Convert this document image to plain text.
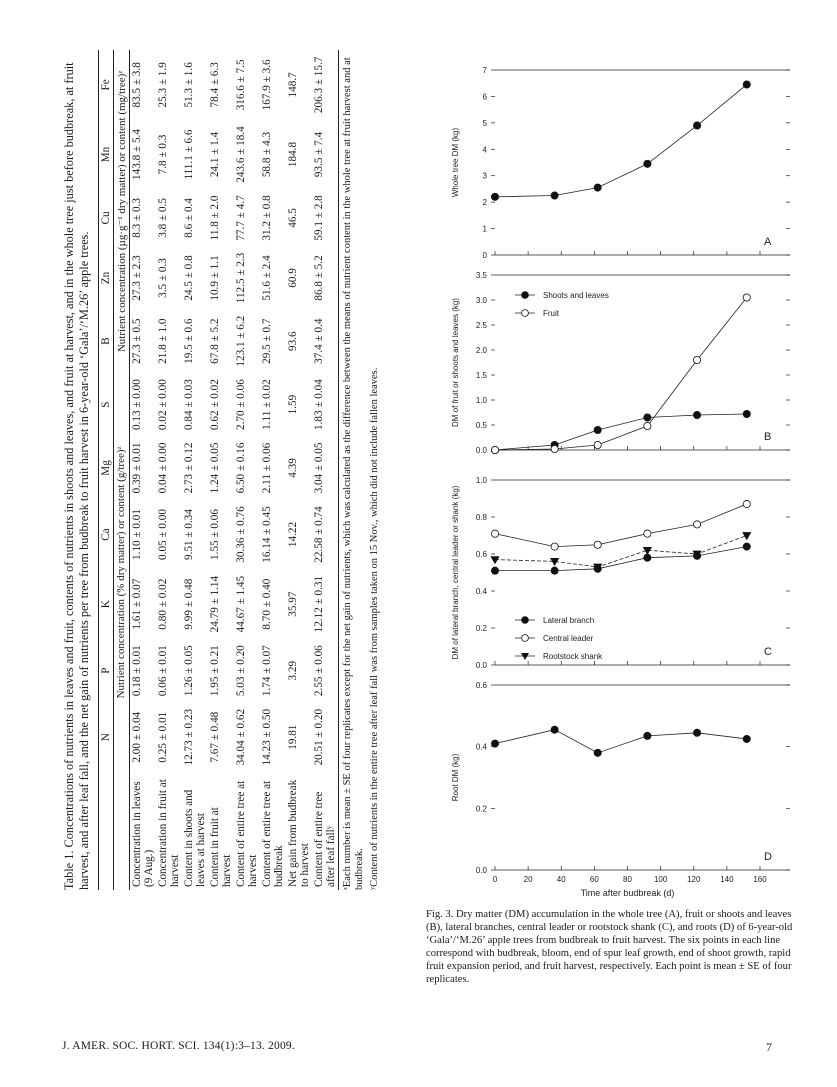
Table 1. Concentrations of nutrients in leaves and fruit, contents of nutrients in shoots and leaves, and fruit at harvest, and in the whole tree just before budbreak, at fruit harvest, and after leaf fall, and the net gain of nutrients per tree from budbreak to fruit harvest in 6-year-old ‘Gala’/‘M.26’ apple trees.
	N	P	K	Ca	Mg	S	B	Zn	Cu	Mn	Fe
	Nutrient concentration (% dry matter) or content (g/tree)ᶻ						Nutrient concentration (µg·g⁻¹ dry matter) or content (mg/tree)ᶻ				
Concentration in leaves (9 Aug.)	2.00 ± 0.04	0.18 ± 0.01	1.61 ± 0.07	1.10 ± 0.01	0.39 ± 0.01	0.13 ± 0.00	27.3 ± 0.5	27.3 ± 2.3	8.3 ± 0.3	143.8 ± 5.4	83.5 ± 3.8
Concentration in fruit at harvest	0.25 ± 0.01	0.06 ± 0.01	0.80 ± 0.02	0.05 ± 0.00	0.04 ± 0.00	0.02 ± 0.00	21.8 ± 1.0	3.5 ± 0.3	3.8 ± 0.5	7.8 ± 0.3	25.3 ± 1.9
Content in shoots and leaves at harvest	12.73 ± 0.23	1.26 ± 0.05	9.99 ± 0.48	9.51 ± 0.34	2.73 ± 0.12	0.84 ± 0.03	19.5 ± 0.6	24.5 ± 0.8	8.6 ± 0.4	111.1 ± 6.6	51.3 ± 1.6
Content in fruit at harvest	7.67 ± 0.48	1.95 ± 0.21	24.79 ± 1.14	1.55 ± 0.06	1.24 ± 0.05	0.62 ± 0.02	67.8 ± 5.2	10.9 ± 1.1	11.8 ± 2.0	24.1 ± 1.4	78.4 ± 6.3
Content of entire tree at harvest	34.04 ± 0.62	5.03 ± 0.20	44.67 ± 1.45	30.36 ± 0.76	6.50 ± 0.16	2.70 ± 0.06	123.1 ± 6.2	112.5 ± 2.3	77.7 ± 4.7	243.6 ± 18.4	316.6 ± 7.5
Content of entire tree at budbreak	14.23 ± 0.50	1.74 ± 0.07	8.70 ± 0.40	16.14 ± 0.45	2.11 ± 0.06	1.11 ± 0.02	29.5 ± 0.7	51.6 ± 2.4	31.2 ± 0.8	58.8 ± 4.3	167.9 ± 3.6
Net gain from budbreak to harvest	19.81	3.29	35.97	14.22	4.39	1.59	93.6	60.9	46.5	184.8	148.7
Content of entire tree after leaf fallʸ	20.51 ± 0.20	2.55 ± 0.06	12.12 ± 0.31	22.58 ± 0.74	3.04 ± 0.05	1.83 ± 0.04	37.4 ± 0.4	86.8 ± 5.2	59.1 ± 2.8	93.5 ± 7.4	206.3 ± 15.7 ᶻEach number is mean ± SE of four replicates except for the net gain of nutrients, which was calculated as the difference between the means of nutrient content in the whole tree at fruit harvest and at budbreak. ʸContent of nutrients in the entire tree after leaf fall was from samples taken on 15 Nov., which did not include fallen leaves.
0
1
2
3
4
5
6
7
Whole tree DM (kg)
A
0.0
0.5
1.0
1.5
2.0
2.5
3.0
3.5
DM of fruit or shoots and leaves (kg)
B
Shoots and leaves
Fruit
0.0
0.2
0.4
0.6
0.8
1.0
DM of lateral branch, central leader or shank (kg)	C
Lateral branch
Central leader
Rootstock shank
0.0
0.2
0.4
0.6
Root DM (kg)
D
0	20	40	60	80	100 120 140 160
Time after budbreak (d)
Fig. 3. Dry matter (DM) accumulation in the whole tree (A), fruit or shoots and leaves (B), lateral branches, central leader or rootstock shank (C), and roots (D) of 6-year-old ‘Gala’/‘M.26’ apple trees from budbreak to fruit harvest. The six points in each line correspond with budbreak, bloom, end of spur leaf growth, end of shoot growth, rapid fruit expansion period, and fruit harvest, respectively. Each point is mean ± SE of four replicates.
J. AMER. SOC. HORT. SCI. 134(1):3–13. 2009.	7
